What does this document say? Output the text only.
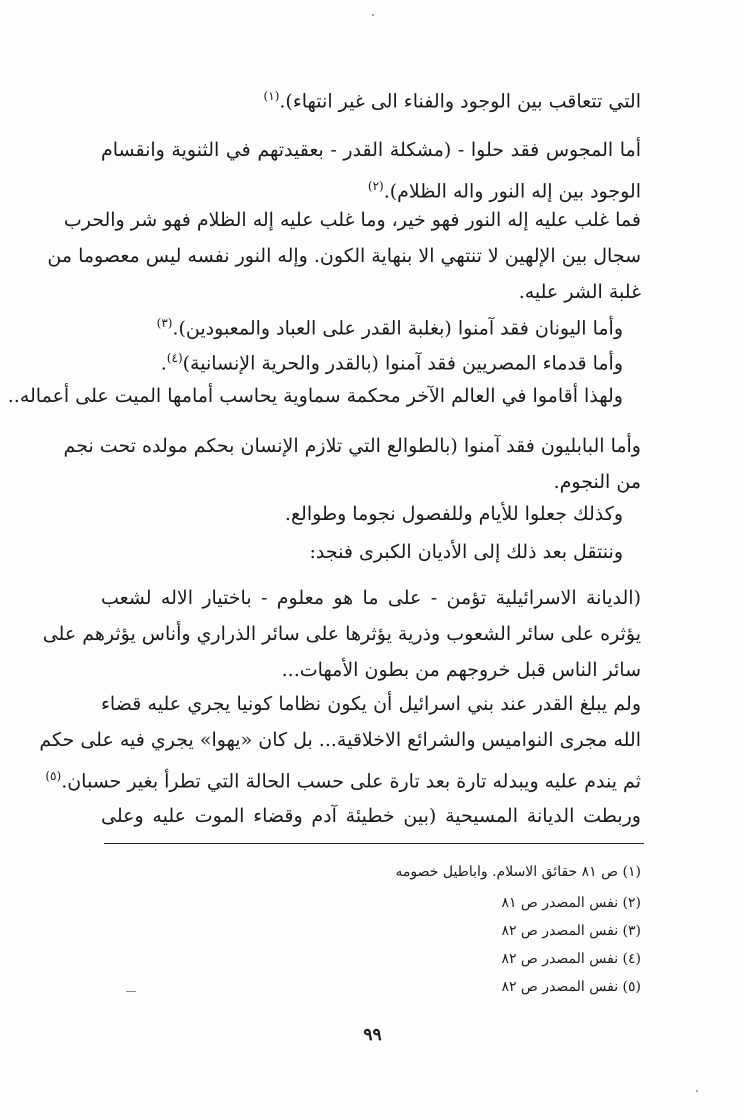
التي تتعاقب بين الوجود والفناء الى غير انتهاء).$^{(١)}$
أما المجوس فقد حلوا - (مشكلة القدر - بعقيدتهم في الثنوية وانقسام
الوجود بين إله النور واله الظلام).$^{(٢)}$
فما غلب عليه إله النور فهو خير، وما غلب عليه إله الظلام فهو شر والحرب
سجال بين الإلهين لا تنتهي الا بنهاية الكون. وإله النور نفسه ليس معصوما من
غلبة الشر عليه.
وأما اليونان فقد آمنوا (بغلبة القدر على العباد والمعبودين).$^{(٣)}$
وأما قدماء المصريين فقد آمنوا (بالقدر والحرية الإنسانية)$^{(٤)}$.
ولهذا أقاموا في العالم الآخر محكمة سماوية يحاسب أمامها الميت على أعماله..
وأما البابليون فقد آمنوا (بالطوالع التي تلازم الإنسان بحكم مولده تحت نجم
من النجوم.
وكذلك جعلوا للأيام وللفصول نجوما وطوالع.
وننتقل بعد ذلك إلى الأديان الكبرى فنجد:
(الديانة الاسرائيلية تؤمن - على ما هو معلوم - باختيار الاله لشعب
يؤثره على سائر الشعوب وذرية يؤثرها على سائر الذراري وأناس يؤثرهم على
سائر الناس قبل خروجهم من بطون الأمهات...
ولم يبلغ القدر عند بني اسرائيل أن يكون نظاما كونيا يجري عليه قضاء
الله مجرى النواميس والشرائع الاخلاقية... بل كان «يهوا» يجري فيه على حكم
ثم يندم عليه ويبدله تارة بعد تارة على حسب الحالة التي تطرأ بغير حسبان.$^{(٥)}$
وربطت الديانة المسيحية (بين خطيئة آدم وقضاء الموت عليه وعلى
(١) ص ٨١ حقائق الاسلام. واباطيل خصومه
(٢) نفس المصدر ص ٨١
(٣) نفس المصدر ص ٨٢
(٤) نفس المصدر ص ٨٢
(٥) نفس المصدر ص ٨٢
٩٩
